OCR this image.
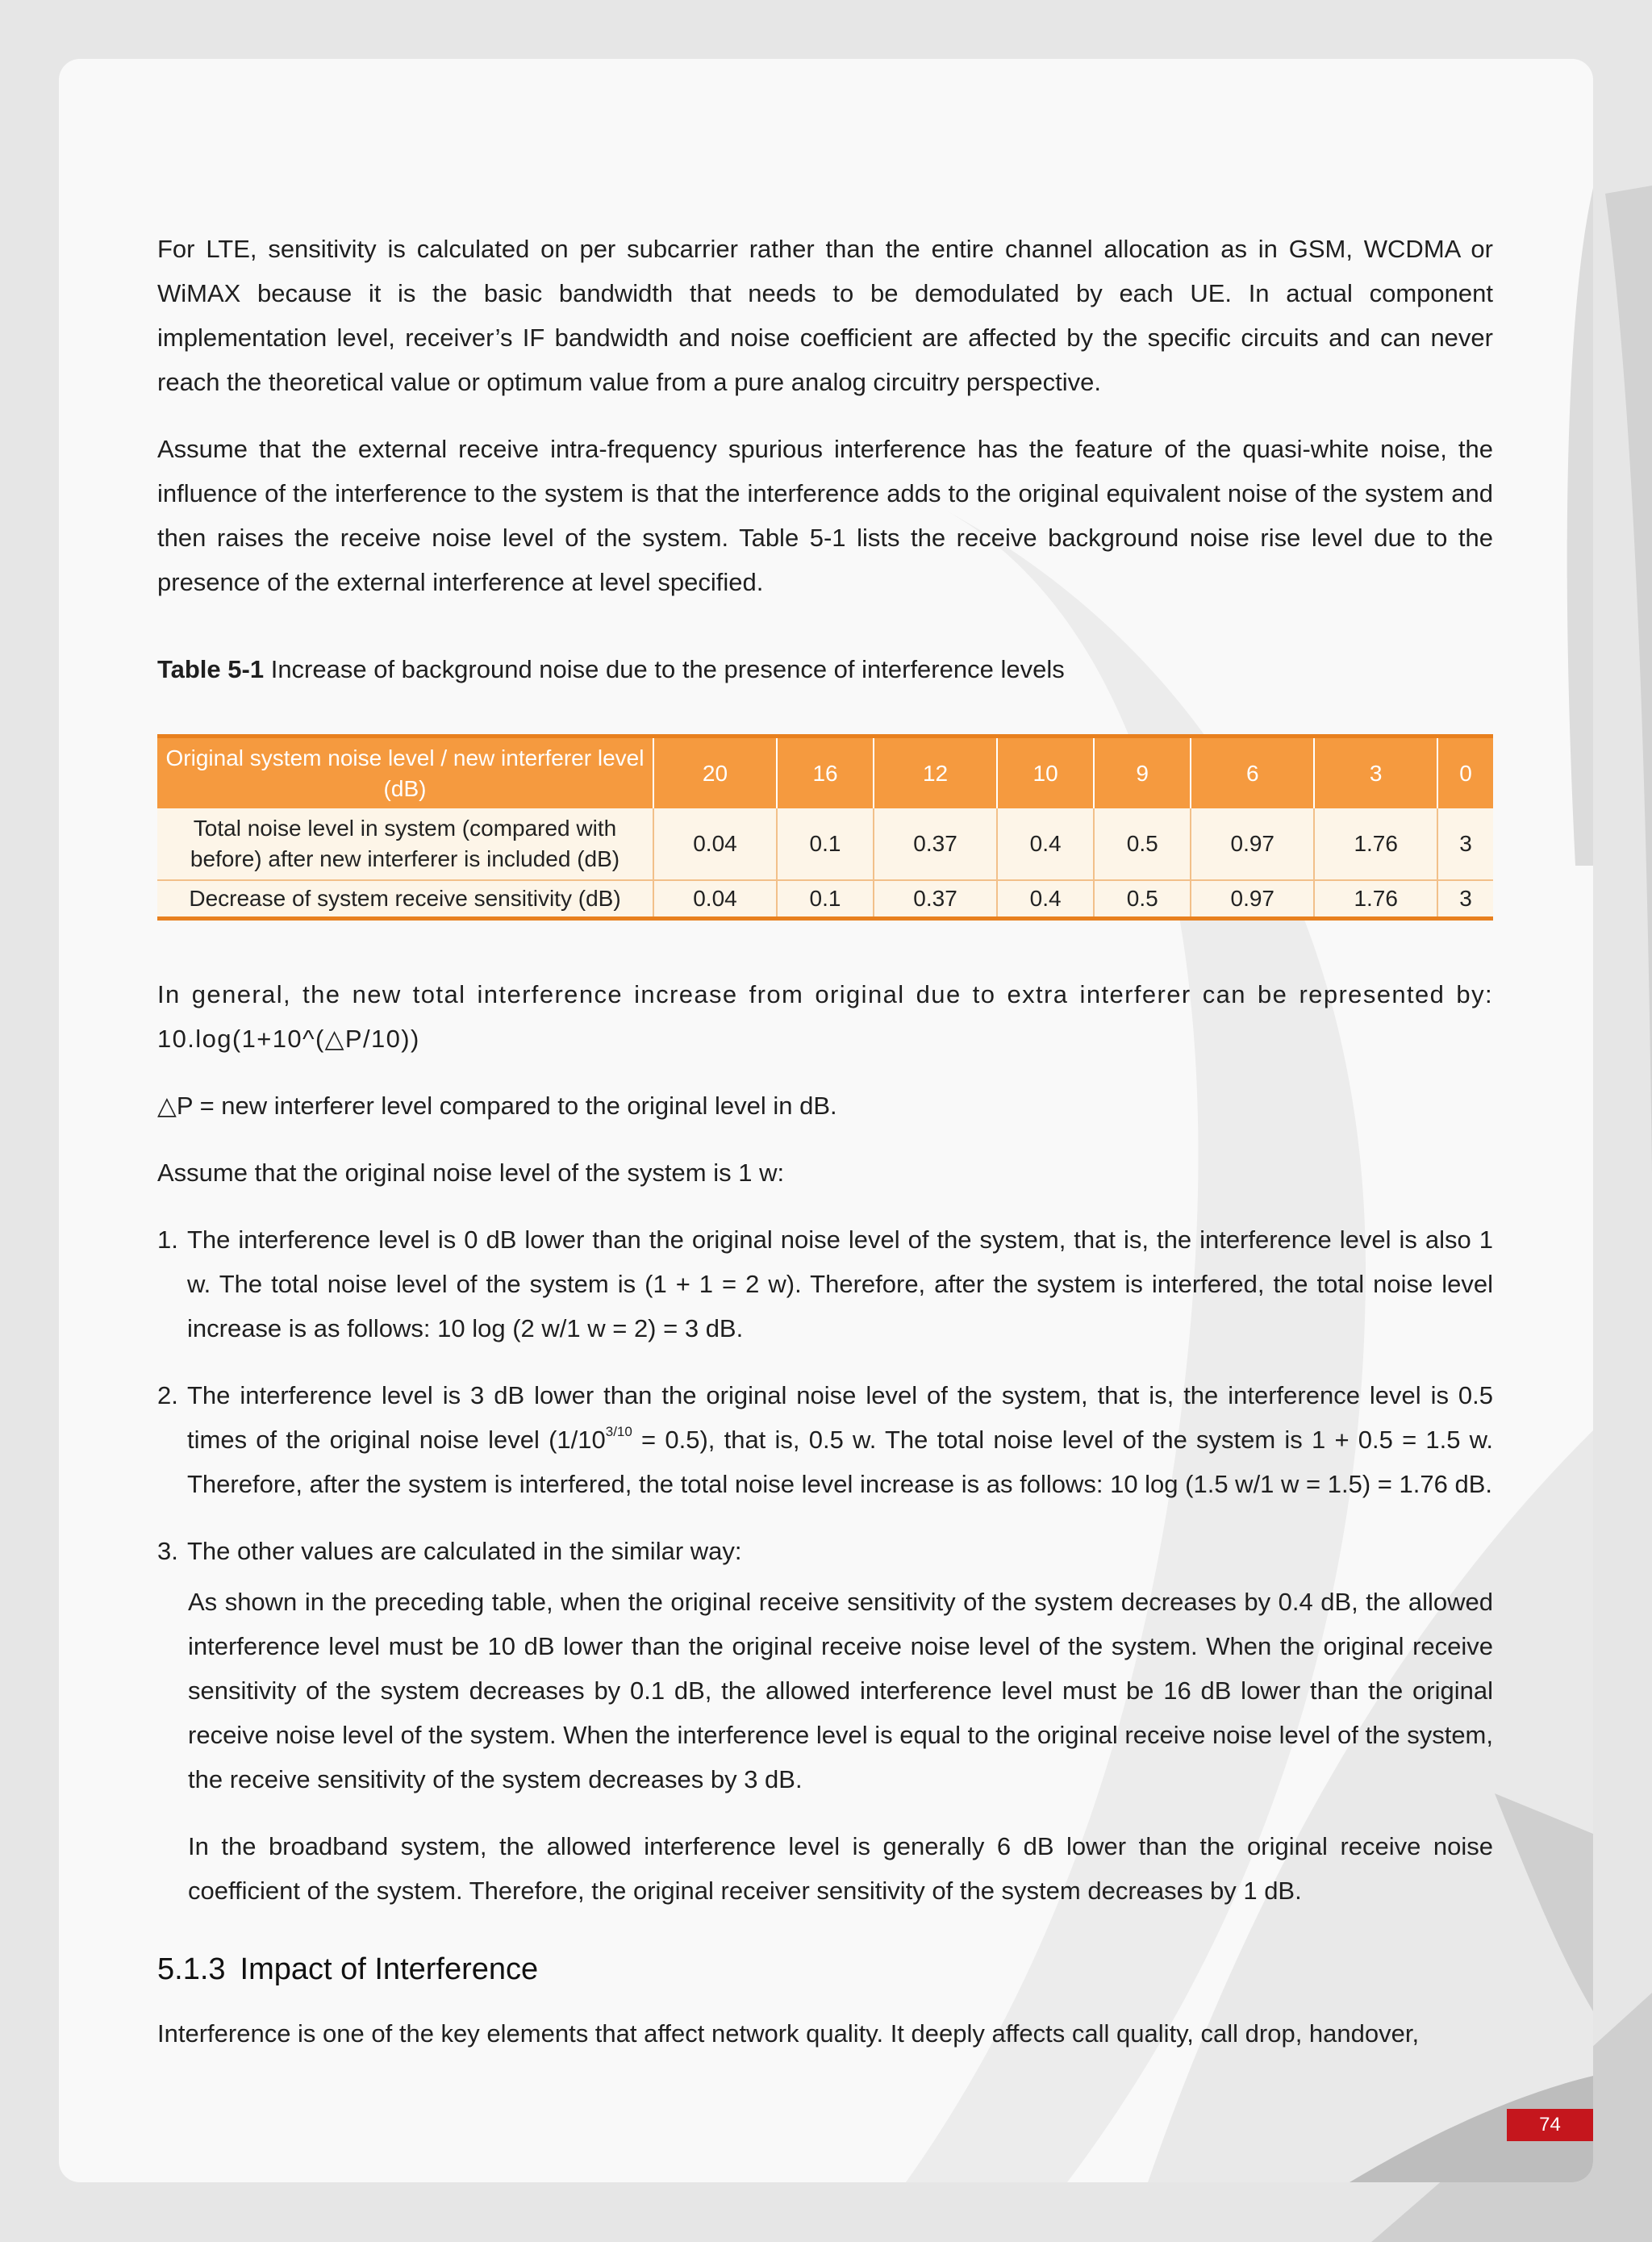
For LTE, sensitivity is calculated on per subcarrier rather than the entire channel allocation as in GSM, WCDMA or WiMAX because it is the basic bandwidth that needs to be demodulated by each UE. In actual component implementation level, receiver’s IF bandwidth and noise coefficient are affected by the specific circuits and can never reach the theoretical value or optimum value from a pure analog circuitry perspective.

Assume that the external receive intra-frequency spurious interference has the feature of the quasi-white noise, the influence of the interference to the system is that the interference adds to the original equivalent noise of the system and then raises the receive noise level of the system. Table 5-1 lists the receive background noise rise level due to the presence of the external interference at level specified.

Table 5-1 Increase of background noise due to the presence of interference levels
Original system noise level / new interferer level (dB)	20	16	12	10	9	6	3	0
Total noise level in system (compared with before) after new interferer is included (dB)	0.04	0.1	0.37	0.4	0.5	0.97	1.76	3
Decrease of system receive sensitivity (dB)	0.04	0.1	0.37	0.4	0.5	0.97	1.76	3

In general, the new total interference increase from original due to extra interferer can be represented by: 10.log(1+10^(△P/10))

△P = new interferer level compared to the original level in dB.

Assume that the original noise level of the system is 1 w:

1. The interference level is 0 dB lower than the original noise level of the system, that is, the interference level is also 1 w. The total noise level of the system is (1 + 1 = 2 w). Therefore, after the system is interfered, the total noise level increase is as follows: 10 log (2 w/1 w = 2) = 3 dB.
2. The interference level is 3 dB lower than the original noise level of the system, that is, the interference level is 0.5 times of the original noise level $(1/10^{3/10} = 0.5)$, that is, 0.5 w. The total noise level of the system is 1 + 0.5 = 1.5 w. Therefore, after the system is interfered, the total noise level increase is as follows: 10 log (1.5 w/1 w = 1.5) = 1.76 dB.
3. The other values are calculated in the similar way:

As shown in the preceding table, when the original receive sensitivity of the system decreases by 0.4 dB, the allowed interference level must be 10 dB lower than the original receive noise level of the system. When the original receive sensitivity of the system decreases by 0.1 dB, the allowed interference level must be 16 dB lower than the original receive noise level of the system. When the interference level is equal to the original receive noise level of the system, the receive sensitivity of the system decreases by 3 dB.

In the broadband system, the allowed interference level is generally 6 dB lower than the original receive noise coefficient of the system. Therefore, the original receiver sensitivity of the system decreases by 1 dB.

5.1.3 Impact of Interference

Interference is one of the key elements that affect network quality. It deeply affects call quality, call drop, handover,

74
